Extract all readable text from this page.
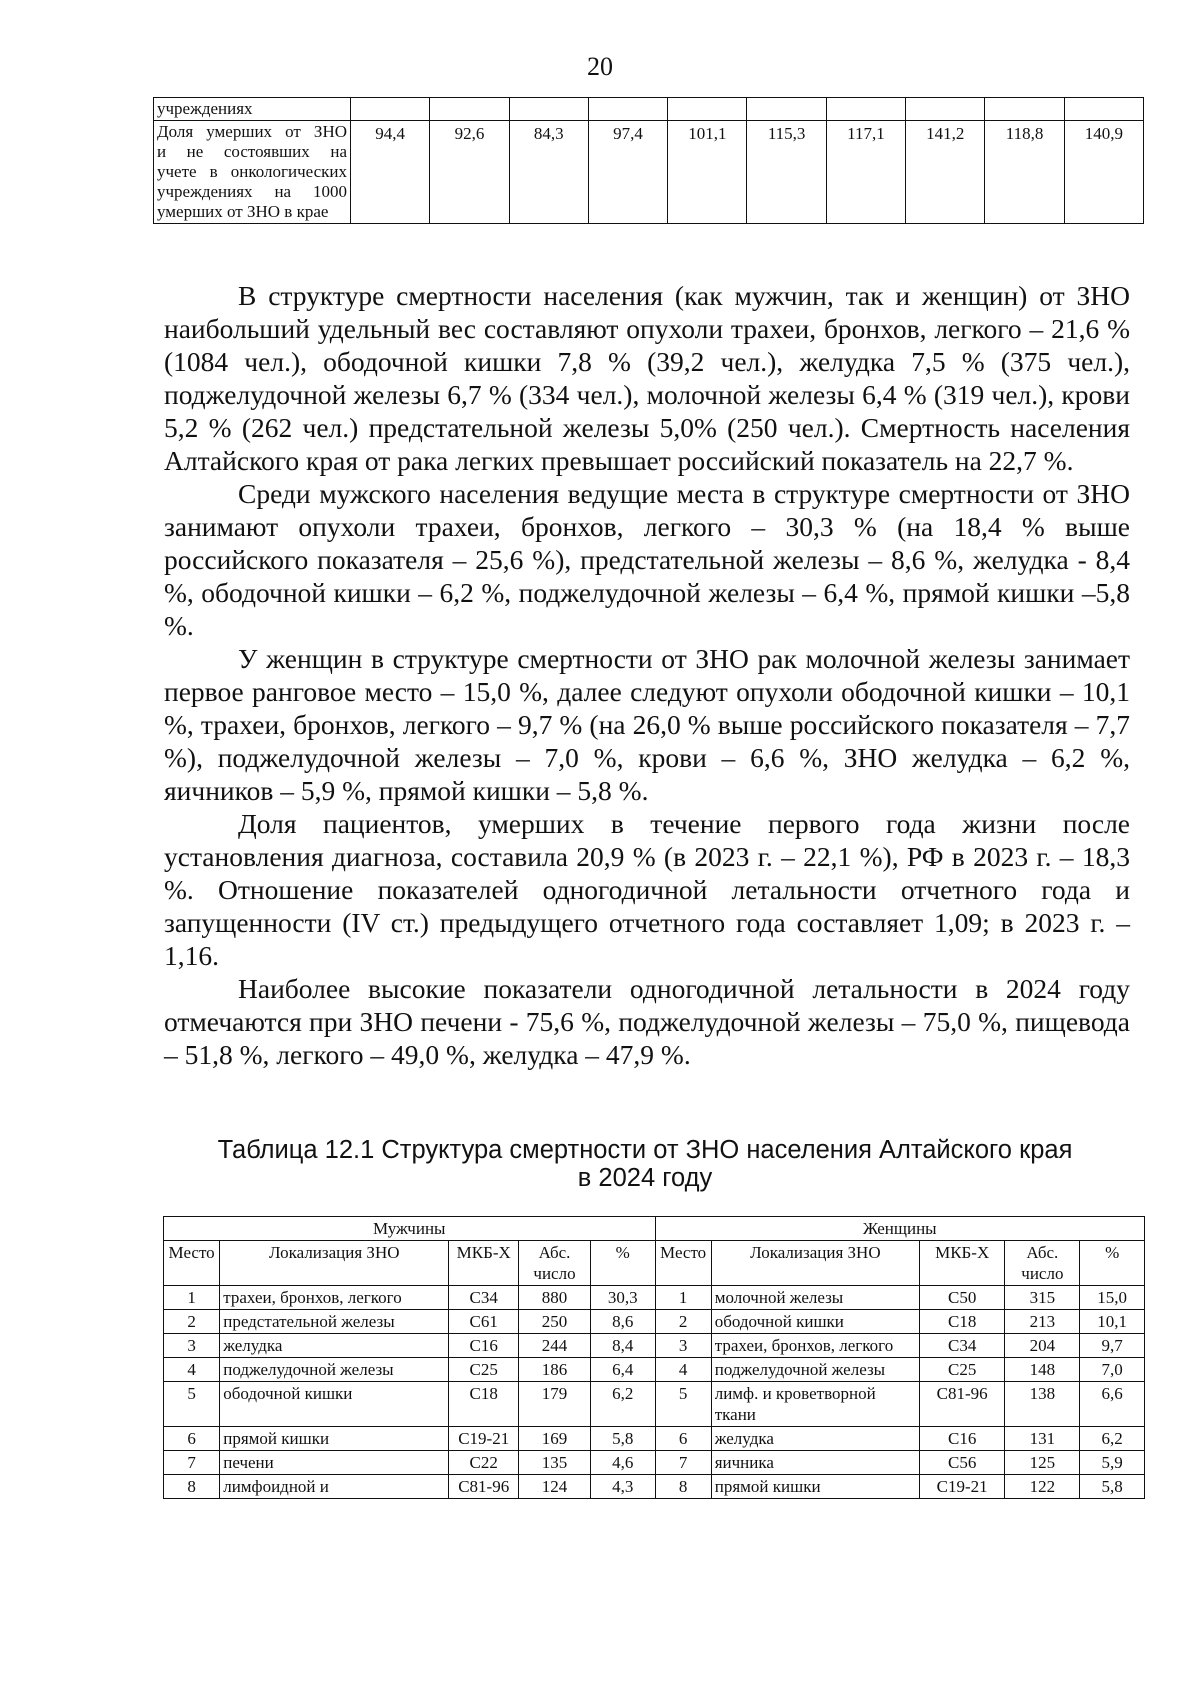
20
учреждениях										

Доля умерших от ЗНО
и не состоявших на
учете в онкологических
учреждениях на 1000
умерших от ЗНО в крае	94,4	92,6	84,3	97,4	101,1	115,3	117,1	141,2	118,8	140,9

В структуре смертности населения (как мужчин, так и женщин) от ЗНО наибольший удельный вес составляют опухоли трахеи, бронхов, легкого – 21,6 % (1084 чел.), ободочной кишки 7,8 % (39,2 чел.), желудка 7,5 % (375 чел.), поджелудочной железы 6,7 % (334 чел.), молочной железы 6,4 % (319 чел.), крови 5,2 % (262 чел.) предстательной железы 5,0% (250 чел.). Смертность населения Алтайского края от рака легких превышает российский показатель на 22,7 %.

Среди мужского населения ведущие места в структуре смертности от ЗНО занимают опухоли трахеи, бронхов, легкого – 30,3 % (на 18,4 % выше российского показателя – 25,6 %), предстательной железы – 8,6 %, желудка - 8,4 %, ободочной кишки – 6,2 %, поджелудочной железы – 6,4 %, прямой кишки –5,8 %.

У женщин в структуре смертности от ЗНО рак молочной железы занимает первое ранговое место – 15,0 %, далее следуют опухоли ободочной кишки – 10,1 %, трахеи, бронхов, легкого – 9,7 % (на 26,0 % выше российского показателя – 7,7 %), поджелудочной железы – 7,0 %, крови – 6,6 %, ЗНО желудка – 6,2 %, яичников – 5,9 %, прямой кишки – 5,8 %.

Доля пациентов, умерших в течение первого года жизни после установления диагноза, составила 20,9 % (в 2023 г. – 22,1 %), РФ в 2023 г. – 18,3 %. Отношение показателей одногодичной летальности отчетного года и запущенности (IV ст.) предыдущего отчетного года составляет 1,09; в 2023 г. – 1,16.

Наиболее высокие показатели одногодичной летальности в 2024 году отмечаются при ЗНО печени - 75,6 %, поджелудочной железы – 75,0 %, пищевода – 51,8 %, легкого – 49,0 %, желудка – 47,9 %.

Таблица 12.1 Структура смертности от ЗНО населения Алтайского края
в 2024 году
Мужчины					Женщины				
Место	Локализация ЗНО	МКБ-Х	Абс. число	%	Место	Локализация ЗНО	МКБ-Х	Абс. число	%
1	трахеи, бронхов, легкого	C34	880	30,3	1	молочной железы	C50	315	15,0
2	предстательной железы	C61	250	8,6	2	ободочной кишки	C18	213	10,1
3	желудка	C16	244	8,4	3	трахеи, бронхов, легкого	C34	204	9,7
4	поджелудочной железы	C25	186	6,4	4	поджелудочной железы	C25	148	7,0
5	ободочной кишки	C18	179	6,2	5	лимф. и кроветворной ткани	C81-96	138	6,6
6	прямой кишки	C19-21	169	5,8	6	желудка	C16	131	6,2
7	печени	C22	135	4,6	7	яичника	C56	125	5,9
8	лимфоидной и	C81-96	124	4,3	8	прямой кишки	C19-21	122	5,8
